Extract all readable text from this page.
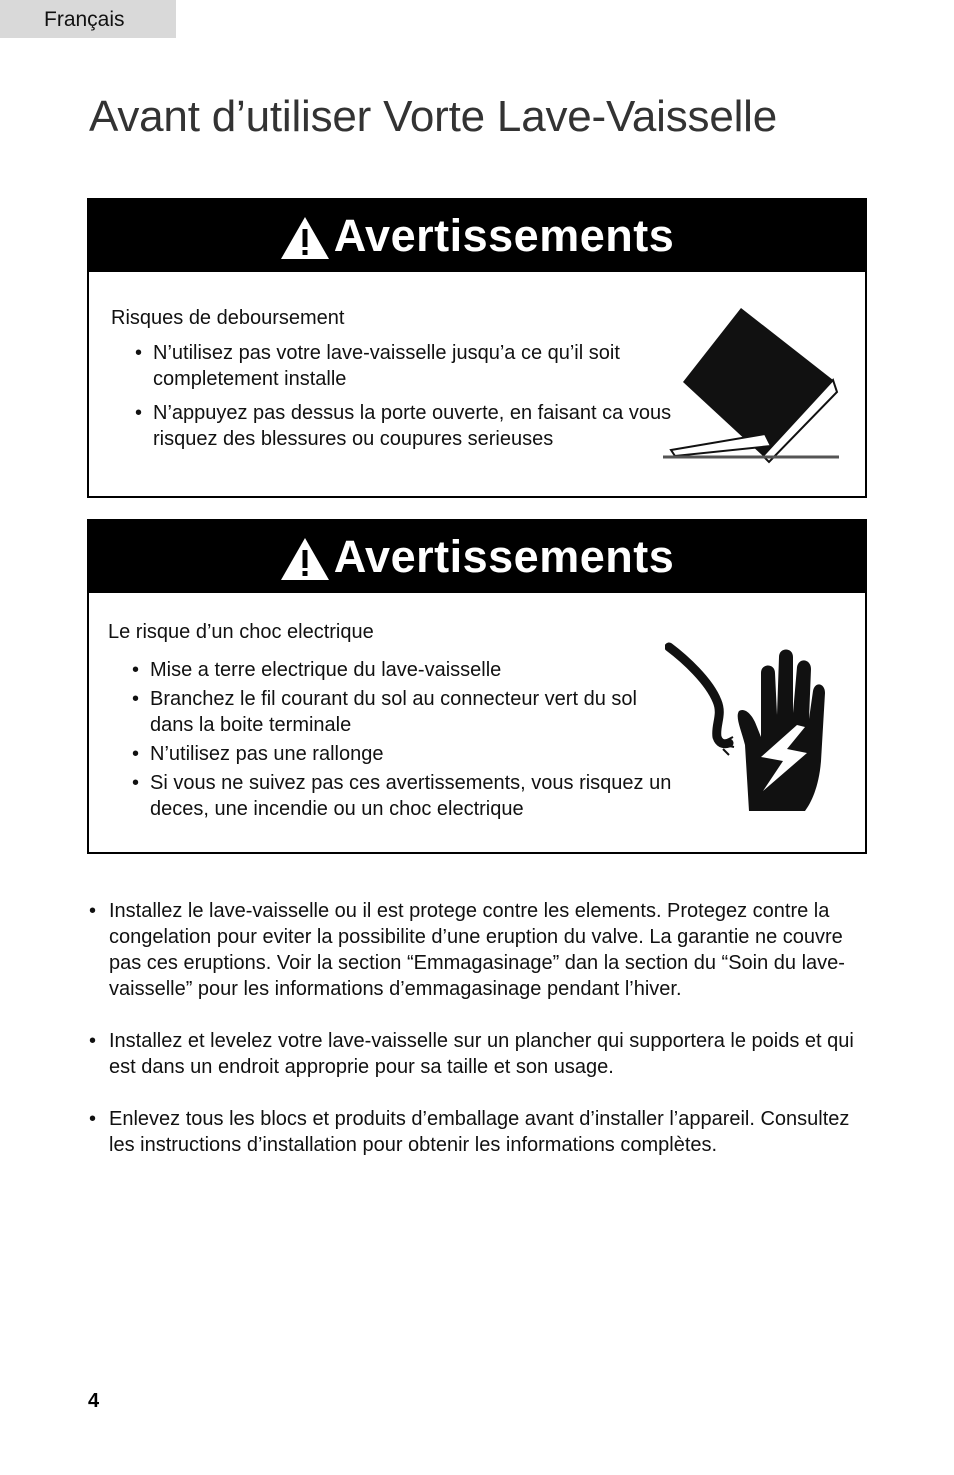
Français
Avant d’utiliser Vorte Lave-Vaisselle
Avertissements
Risques de deboursement
• N’utilisez pas votre lave-vaisselle jusqu’a ce qu’il soit completement installe
• N’appuyez pas dessus la porte ouverte, en faisant ca vous risquez des blessures ou coupures serieuses
Avertissements
Le risque d’un choc electrique
• Mise a terre electrique du lave-vaisselle
• Branchez le fil courant du sol au connecteur vert du sol dans la boite terminale
• N’utilisez pas une rallonge
• Si vous ne suivez pas ces avertissements, vous risquez un deces, une incendie ou un choc electrique
• Installez le lave-vaisselle ou il est protege contre les elements. Protegez contre la congelation pour eviter la possibilite d’une eruption du valve. La garantie ne couvre pas ces eruptions. Voir la section “Emmagasinage” dan la section du “Soin du lave-vaisselle” pour les informations d’emmagasinage pendant l’hiver.
• Installez et levelez votre lave-vaisselle sur un plancher qui supportera le poids et qui est dans un endroit approprie pour sa taille et son usage.
• Enlevez tous les blocs et produits d’emballage avant d’installer l’appareil. Consultez les instructions d’installation pour obtenir les informations complètes.
4
